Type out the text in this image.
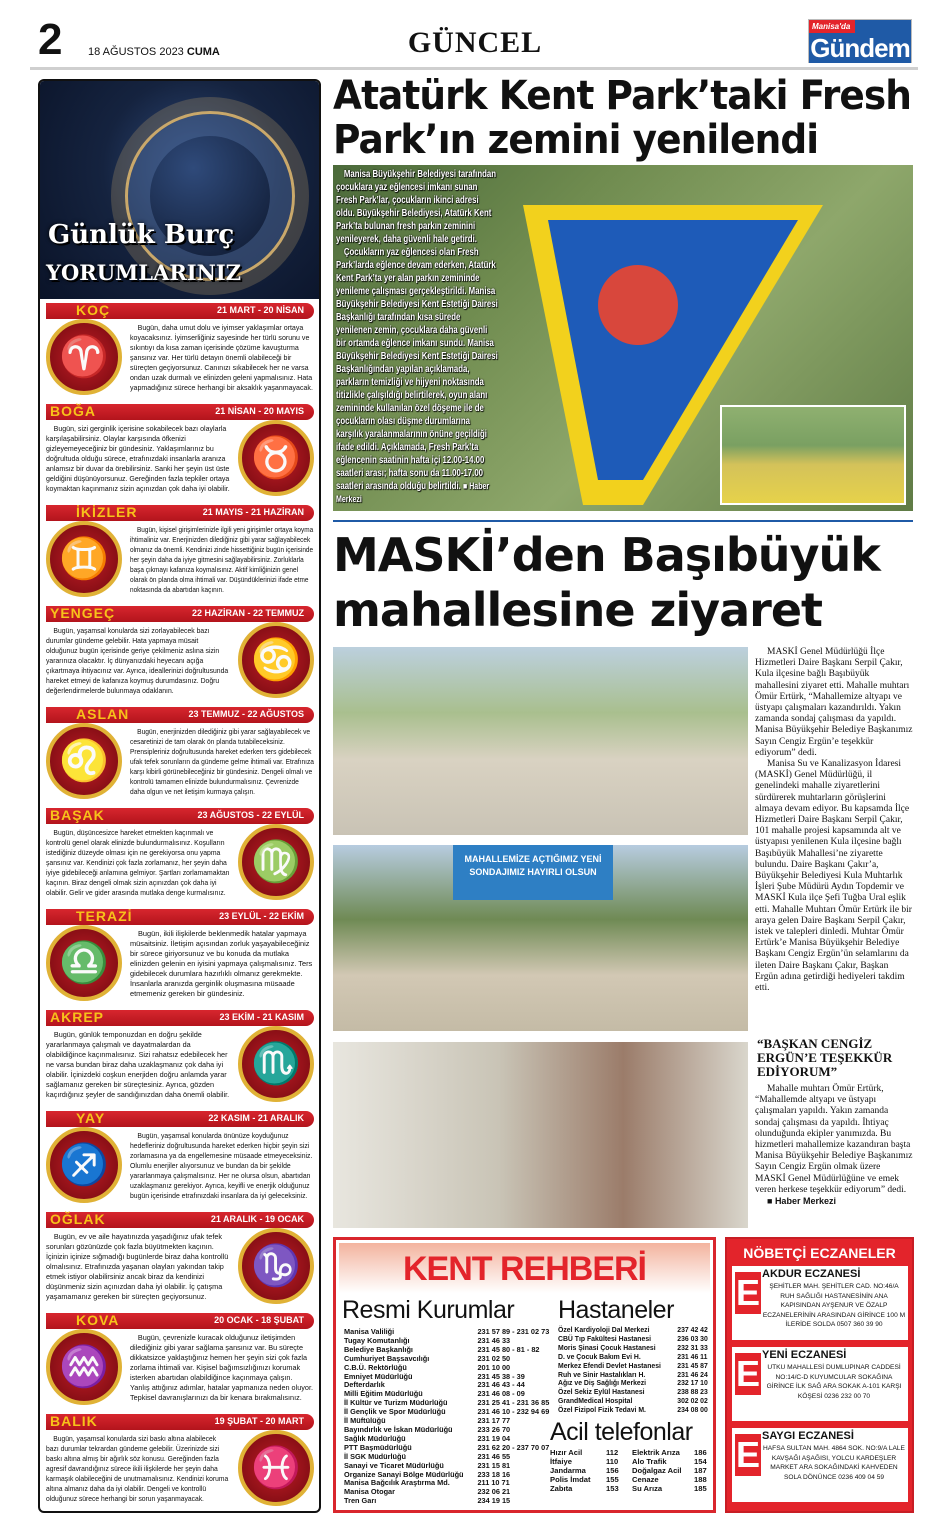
2 18 AĞUSTOS 2023 CUMA	GÜNCEL	Manisa'da
Gündem
Günlük Burç
YORUMLARINIZ
♈
KOÇ	21 MART - 20 NİSAN
Bugün, daha umut dolu ve iyimser yaklaşımlar ortaya koyacaksınız. İyimserliğiniz sayesinde her türlü sorunu ve sıkıntıyı da kısa zaman içerisinde çözüme kavuşturma şansınız var. Her türlü detayın önemli olabileceği bir süreçten geçiyorsunuz. Canınızı sıkabilecek her ne varsa ondan uzak durmalı ve elinizden geleni yapmalısınız. Hata yapmadığınız sürece herhangi bir aksaklık yaşanmayacak.
♉
BOĞA	21 NİSAN - 20 MAYIS
Bugün, sizi gerginlik içerisine sokabilecek bazı olaylarla karşılaşabilirsiniz. Olaylar karşısında öfkenizi gizleyemeyeceğiniz bir gündesiniz. Yaklaşımlarınız bu doğrultuda olduğu sürece, etrafınızdaki insanlarla aranıza anlamsız bir duvar da örebilirsiniz. Sanki her şeyin üst üste geldiğini düşünüyorsunuz. Gereğinden fazla tepkiler ortaya koymaktan kaçınmanız sizin açınızdan çok daha iyi olabilir.
♊
İKİZLER	21 MAYIS - 21 HAZİRAN
Bugün, kişisel girişimlerinizle ilgili yeni girişimler ortaya koyma ihtimaliniz var. Enerjinizden dilediğiniz gibi yarar sağlayabilecek olmanız da önemli. Kendinizi zinde hissettiğiniz bugün içerisinde her şeyin daha da iyiye gitmesini sağlayabilirsiniz. Zorluklarla başa çıkmayı kafanıza koymalısınız. Aktif kimliğinizin genel olarak ön planda olma ihtimali var. Düşündüklerinizi ifade etme noktasında da abartıdan kaçının.
♋
YENGEÇ	22 HAZİRAN - 22 TEMMUZ
Bugün, yaşamsal konularda sizi zorlayabilecek bazı durumlar gündeme gelebilir. Hata yapmaya müsait olduğunuz bugün içerisinde geriye çekilmeniz aslına sizin yararınıza olacaktır. İç dünyanızdaki heyecanı açığa çıkartmaya ihtiyacınız var. Ayrıca, ideallerinizi doğrultusunda hareket etmeyi de kafanıza koymuş durumdasınız. Doğru değerlendirmelerde bulunmaya odaklanın.
♌
ASLAN	23 TEMMUZ - 22 AĞUSTOS
Bugün, enerjinizden dilediğiniz gibi yarar sağlayabilecek ve cesaretinizi de tam olarak ön planda tutabileceksiniz. Prensipleriniz doğrultusunda hareket ederken ters gidebilecek ufak tefek sorunların da gündeme gelme ihtimali var. Etrafınıza karşı kibirli görünebileceğiniz bir gündesiniz. Dengeli olmalı ve kontrolü tamamen elinizde bulundurmalısınız. Çevrenizde daha olgun ve net iletişim kurmaya çalışın.
♍
BAŞAK	23 AĞUSTOS - 22 EYLÜL
Bugün, düşüncesizce hareket etmekten kaçınmalı ve kontrolü genel olarak elinizde bulundurmalısınız. Koşulların istediğiniz düzeyde olması için ne gerekiyorsa onu yapma şansınız var. Kendinizi çok fazla zorlamanız, her şeyin daha iyiye gidebileceği anlamına gelmiyor. Şartları zorlamamaktan kaçının. Biraz dengeli olmak sizin açınızdan çok daha iyi olabilir. Gelir ve gider arasında mutlaka denge kurmalısınız.
♎
TERAZİ	23 EYLÜL - 22 EKİM
Bugün, ikili ilişkilerde beklenmedik hatalar yapmaya müsaitsiniz. İletişim açısından zorluk yaşayabileceğiniz bir sürece giriyorsunuz ve bu konuda da mutlaka elinizden gelenin en iyisini yapmaya çalışmalısınız. Ters gidebilecek durumlara hazırlıklı olmanız gerekmekte. İnsanlarla aranızda gerginlik oluşmasına müsaade etmemeniz gereken bir gündesiniz.
♏
AKREP	23 EKİM - 21 KASIM
Bugün, günlük temponuzdan en doğru şekilde yararlanmaya çalışmalı ve dayatmalardan da olabildiğince kaçınmalısınız. Sizi rahatsız edebilecek her ne varsa bundan biraz daha uzaklaşmanız çok daha iyi olabilir. İçinizdeki coşkun enerjiden doğru anlamda yarar sağlamanız gereken bir süreçtesiniz. Ayrıca, gözden kaçırdığınız şeyler de sandığınızdan daha önemli olabilir.
♐
YAY	22 KASIM - 21 ARALIK
Bugün, yaşamsal konularda önünüze koyduğunuz hedefleriniz doğrultusunda hareket ederken hiçbir şeyin sizi zorlamasına ya da engellemesine müsaade etmeyeceksiniz. Olumlu enerjiler alıyorsunuz ve bundan da bir şekilde yararlanmaya çalışmalısınız. Her ne olursa olsun, abartıdan uzaklaşmanız gerekiyor. Ayrıca, keyifli ve enerjik olduğunuz bugün içerisinde etrafınızdaki insanlara da iyi geleceksiniz.
♑
OĞLAK	21 ARALIK - 19 OCAK
Bugün, ev ve aile hayatınızda yaşadığınız ufak tefek sorunları gözünüzde çok fazla büyütmekten kaçının. İçinizin içinize sığmadığı bugünlerde biraz daha kontrollü olmalısınız. Etrafınızda yaşanan olayları yakından takip etmek istiyor olabilirsiniz ancak biraz da kendinizi düşünmeniz sizin açınızdan daha iyi olabilir. İç çatışma yaşamamanız gereken bir süreçten geçiyorsunuz.
♒
KOVA	20 OCAK - 18 ŞUBAT
Bugün, çevrenizle kuracak olduğunuz iletişimden dilediğiniz gibi yarar sağlama şansınız var. Bu süreçte dikkatsizce yaklaştığınız hemen her şeyin sizi çok fazla zorlama ihtimali var. Kişisel bağımsızlığınızı korumak isterken abartıdan olabildiğince kaçınmaya çalışın. Yanlış attığınız adımlar, hatalar yapmanıza neden oluyor. Tepkisel davranışlarınızı da bir kenara bırakmalısınız.
♓
BALIK	19 ŞUBAT - 20 MART
Bugün, yaşamsal konularda sizi baskı altına alabilecek bazı durumlar tekrardan gündeme gelebilir. Üzerinizde sizi baskı altına almış bir ağırlık söz konusu. Gereğinden fazla agresif davrandığınız sürece ikili ilişkilerde her şeyin daha karmaşık olabileceğini de unutmamalısınız. Kendinizi koruma altına almanız daha da iyi olabilir. Dengeli ve kontrollü olduğunuz sürece herhangi bir sorun yaşanmayacak.
Atatürk Kent Park’taki Fresh Park’ın zemini yenilendi

Manisa Büyükşehir Belediyesi tarafından çocuklara yaz eğlencesi imkanı sunan Fresh Park’lar, çocukların ikinci adresi oldu. Büyükşehir Belediyesi, Atatürk Kent Park’ta bulunan fresh parkın zeminini yenileyerek, daha güvenli hale getirdi.

Çocukların yaz eğlencesi olan Fresh Park’larda eğlence devam ederken, Atatürk Kent Park’ta yer alan parkın zemininde yenileme çalışması gerçekleştirildi. Manisa Büyükşehir Belediyesi Kent Estetiği Dairesi Başkanlığı tarafından kısa sürede yenilenen zemin, çocuklara daha güvenli bir ortamda eğlence imkanı sundu. Manisa Büyükşehir Belediyesi Kent Estetiği Dairesi Başkanlığından yapılan açıklamada, parkların temizliği ve hijyeni noktasında titizlikle çalışıldığı belirtilerek, oyun alanı zemininde kullanılan özel döşeme ile de çocukların olası düşme durumlarına karşılık yaralanmalarının önüne geçildiği ifade edildi. Açıklamada, Fresh Park’ta eğlencenin saatinin hafta içi 12.00-14.00 saatleri arası; hafta sonu da 11.00-17.00 saatleri arasında olduğu belirtildi. ■ Haber Merkezi

MASKİ’den Başıbüyük mahallesine ziyaret
MAHALLEMİZE AÇTIĞIMIZ YENİ SONDAJIMIZ HAYIRLI OLSUN

MASKİ Genel Müdürlüğü İlçe Hizmetleri Daire Başkanı Serpil Çakır, Kula ilçesine bağlı Başıbüyük mahallesini ziyaret etti. Mahalle muhtarı Ömür Ertürk, “Mahallemize altyapı ve üstyapı çalışmaları kazandırıldı. Yakın zamanda sondaj çalışması da yapıldı. Manisa Büyükşehir Belediye Başkanımız Sayın Cengiz Ergün’e teşekkür ediyorum” dedi.

Manisa Su ve Kanalizasyon İdaresi (MASKİ) Genel Müdürlüğü, il genelindeki mahalle ziyaretlerini sürdürerek muhtarların görüşlerini almaya devam ediyor. Bu kapsamda İlçe Hizmetleri Daire Başkanı Serpil Çakır, 101 mahalle projesi kapsamında alt ve üstyapısı yenilenen Kula ilçesine bağlı Başıbüyük Mahallesi’ne ziyarette bulundu. Daire Başkanı Çakır’a, Büyükşehir Belediyesi Kula Muhtarlık İşleri Şube Müdürü Aydın Topdemir ve MASKİ Kula ilçe Şefi Tuğba Ural eşlik etti. Mahalle Muhtarı Ömür Ertürk ile bir araya gelen Daire Başkanı Serpil Çakır, istek ve talepleri dinledi. Muhtar Ömür Ertürk’e Manisa Büyükşehir Belediye Başkanı Cengiz Ergün’ün selamlarını da ileten Daire Başkanı Çakır, Başkan Ergün adına getirdiği hediyeleri takdim etti.

“BAŞKAN CENGİZ ERGÜN’E TEŞEKKÜR EDİYORUM”

Mahalle muhtarı Ömür Ertürk, “Mahallemde altyapı ve üstyapı çalışmaları yapıldı. Yakın zamanda sondaj çalışması da yapıldı. İhtiyaç olunduğunda ekipler yanımızda. Bu hizmetleri mahallemize kazandıran başta Manisa Büyükşehir Belediye Başkanımız Sayın Cengiz Ergün olmak üzere MASKİ Genel Müdürlüğüne ve emek veren herkese teşekkür ediyorum” dedi.

■ Haber Merkezi

KENT REHBERİ
Resmi Kurumlar Hastaneler
Acil telefonlar
Manisa Valiliği	231 57 89 - 231 02 73
Tugay Komutanlığı	231 46 33
Belediye Başkanlığı	231 45 80 - 81 - 82
Cumhuriyet Başsavcılığı	231 02 50
C.B.Ü. Rektörlüğü	201 10 00
Emniyet Müdürlüğü	231 45 38 - 39
Defterdarlık	231 46 43 - 44
Milli Eğitim Müdürlüğü	231 46 08 - 09
İl Kültür ve Turizm Müdürlüğü	231 25 41 - 231 36 85
İl Gençlik ve Spor Müdürlüğü	231 46 10 - 232 94 69
İl Müftülüğü	231 17 77
Bayındırlık ve İskan Müdürlüğü	233 26 70
Sağlık Müdürlüğü	231 19 04
PTT Başmüdürlüğü	231 62 20 - 237 70 07
İl SGK Müdürlüğü	231 46 55
Sanayi ve Ticaret Müdürlüğü	231 15 81
Organize Sanayi Bölge Müdürlüğü	233 18 16
Manisa Bağcılık Araştırma Md.	211 10 71
Manisa Otogar	232 06 21
Tren Garı	234 19 15
Özel Kardiyoloji Dal Merkezi	237 42 42
CBÜ Tıp Fakültesi Hastanesi	236 03 30
Moris Şinasi Çocuk Hastanesi	232 31 33
D. ve Çocuk Bakım Evi H.	231 46 11
Merkez Efendi Devlet Hastanesi	231 45 87
Ruh ve Sinir Hastalıkları H.	231 46 24
Ağız ve Diş Sağlığı Merkezi	232 17 10
Özel Sekiz Eylül Hastanesi	238 88 23
GrandMedical Hospital	302 02 02
Özel Fizipol Fizik Tedavi M.	234 08 00
Hızır Acil	112	Elektrik Arıza	186
İtfaiye	110	Alo Trafik	154
Jandarma	156	Doğalgaz Acil	187
Polis İmdat	155	Cenaze	188
Zabıta	153	Su Arıza	185
NÖBETÇİ ECZANELER
E AKDUR ECZANESİ
ŞEHİTLER MAH. ŞEHİTLER CAD. NO:46/A RUH SAĞLIĞI HASTANESİNİN ANA KAPISINDAN AYŞENUR VE ÖZALP ECZANELERİNİN ARASINDAN GİRİNCE 100 M İLERİDE SOLDA 0507 360 39 90
E YENİ ECZANESİ
UTKU MAHALLESİ DUMLUPINAR CADDESİ NO:14/C-D KUYUMCULAR SOKAĞINA GİRİNCE İLK SAĞ ARA SOKAK A-101 KARŞI KÖŞESİ 0236 232 00 70
E SAYGI ECZANESİ
HAFSA SULTAN MAH. 4864 SOK. NO:9/A LALE KAVŞAĞI AŞAĞISI, YOLCU KARDEŞLER MARKET ARA SOKAĞINDAKİ KAHVEDEN SOLA DÖNÜNCE 0236 409 04 59
